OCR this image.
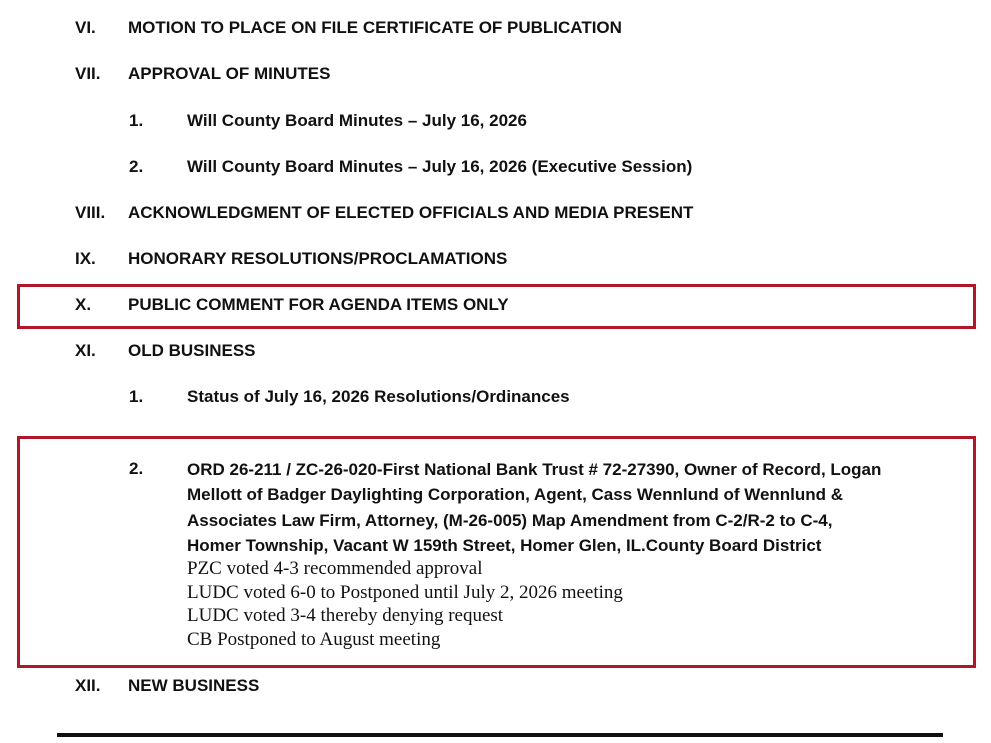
VI. MOTION TO PLACE ON FILE CERTIFICATE OF PUBLICATION
VII. APPROVAL OF MINUTES
1.	Will County Board Minutes – July 16, 2026
2.	Will County Board Minutes – July 16, 2026 (Executive Session)
VIII. ACKNOWLEDGMENT OF ELECTED OFFICIALS AND MEDIA PRESENT
IX. HONORARY RESOLUTIONS/PROCLAMATIONS
X. PUBLIC COMMENT FOR AGENDA ITEMS ONLY
XI. OLD BUSINESS
1.	Status of July 16, 2026 Resolutions/Ordinances
2.	ORD 26-211 / ZC-26-020-First National Bank Trust # 72-27390, Owner of Record, Logan
Mellott of Badger Daylighting Corporation, Agent, Cass Wennlund of Wennlund &
Associates Law Firm, Attorney, (M-26-005) Map Amendment from C-2/R-2 to C-4,
Homer Township, Vacant W 159th Street, Homer Glen, IL.County Board District
PZC voted 4-3 recommended approval
LUDC voted 6-0 to Postponed until July 2, 2026 meeting
LUDC voted 3-4 thereby denying request
CB Postponed to August meeting
XII. NEW BUSINESS
